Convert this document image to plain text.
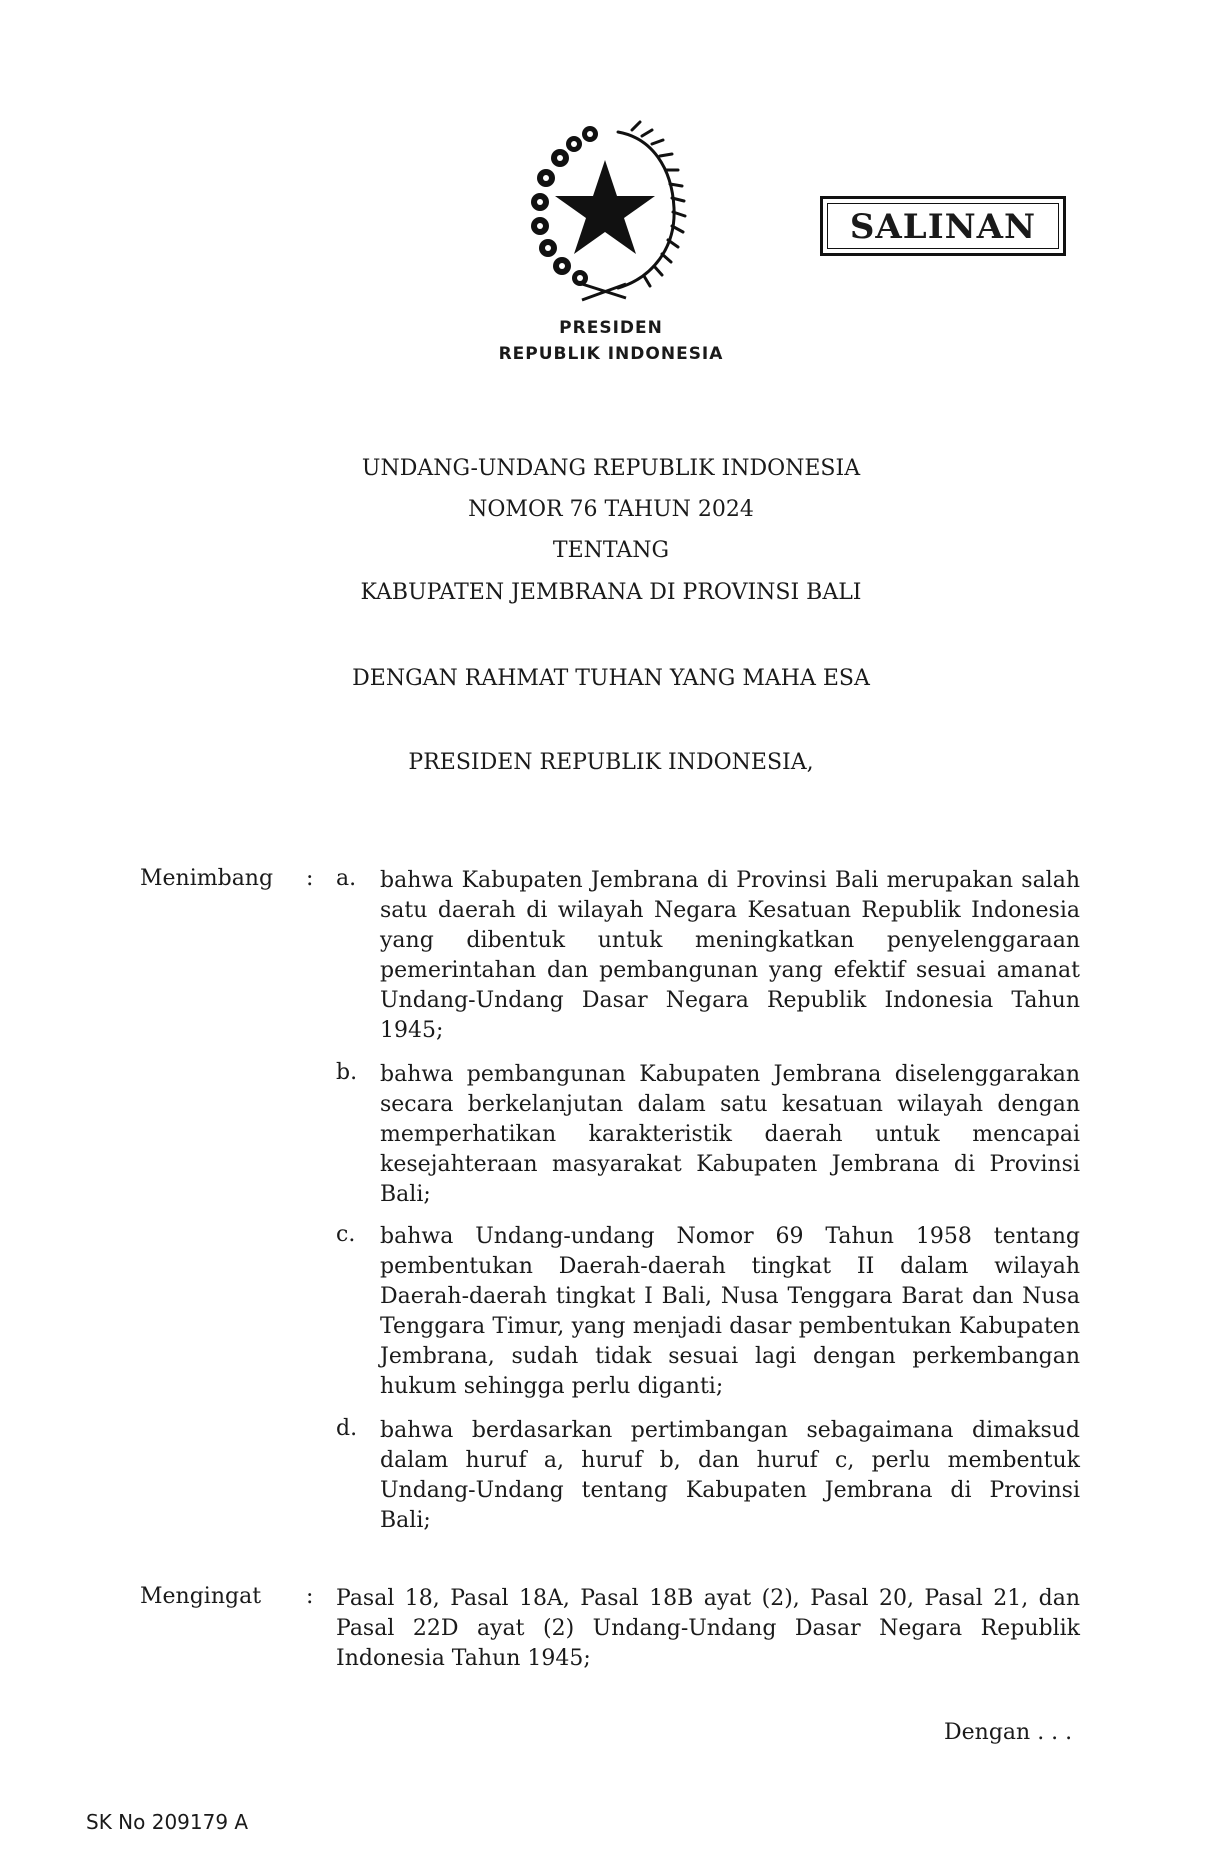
SALINAN
PRESIDEN
REPUBLIK INDONESIA
UNDANG-UNDANG REPUBLIK INDONESIA
NOMOR 76 TAHUN 2024
TENTANG
KABUPATEN JEMBRANA DI PROVINSI BALI
DENGAN RAHMAT TUHAN YANG MAHA ESA
PRESIDEN REPUBLIK INDONESIA,
Menimbang : a. bahwa Kabupaten Jembrana di Provinsi Bali merupakan salah satu daerah di wilayah Negara Kesatuan Republik Indonesia yang dibentuk untuk meningkatkan penyelenggaraan pemerintahan dan pembangunan yang efektif sesuai amanat Undang-Undang Dasar Negara Republik Indonesia Tahun 1945;
b. bahwa pembangunan Kabupaten Jembrana diselenggarakan secara berkelanjutan dalam satu kesatuan wilayah dengan memperhatikan karakteristik daerah untuk mencapai kesejahteraan masyarakat Kabupaten Jembrana di Provinsi Bali;
c. bahwa Undang-undang Nomor 69 Tahun 1958 tentang pembentukan Daerah-daerah tingkat II dalam wilayah Daerah-daerah tingkat I Bali, Nusa Tenggara Barat dan Nusa Tenggara Timur, yang menjadi dasar pembentukan Kabupaten Jembrana, sudah tidak sesuai lagi dengan perkembangan hukum sehingga perlu diganti;
d. bahwa berdasarkan pertimbangan sebagaimana dimaksud dalam huruf a, huruf b, dan huruf c, perlu membentuk Undang-Undang tentang Kabupaten Jembrana di Provinsi Bali;
Mengingat : Pasal 18, Pasal 18A, Pasal 18B ayat (2), Pasal 20, Pasal 21, dan Pasal 22D ayat (2) Undang-Undang Dasar Negara Republik Indonesia Tahun 1945;
Dengan . . .
SK No 209179 A
